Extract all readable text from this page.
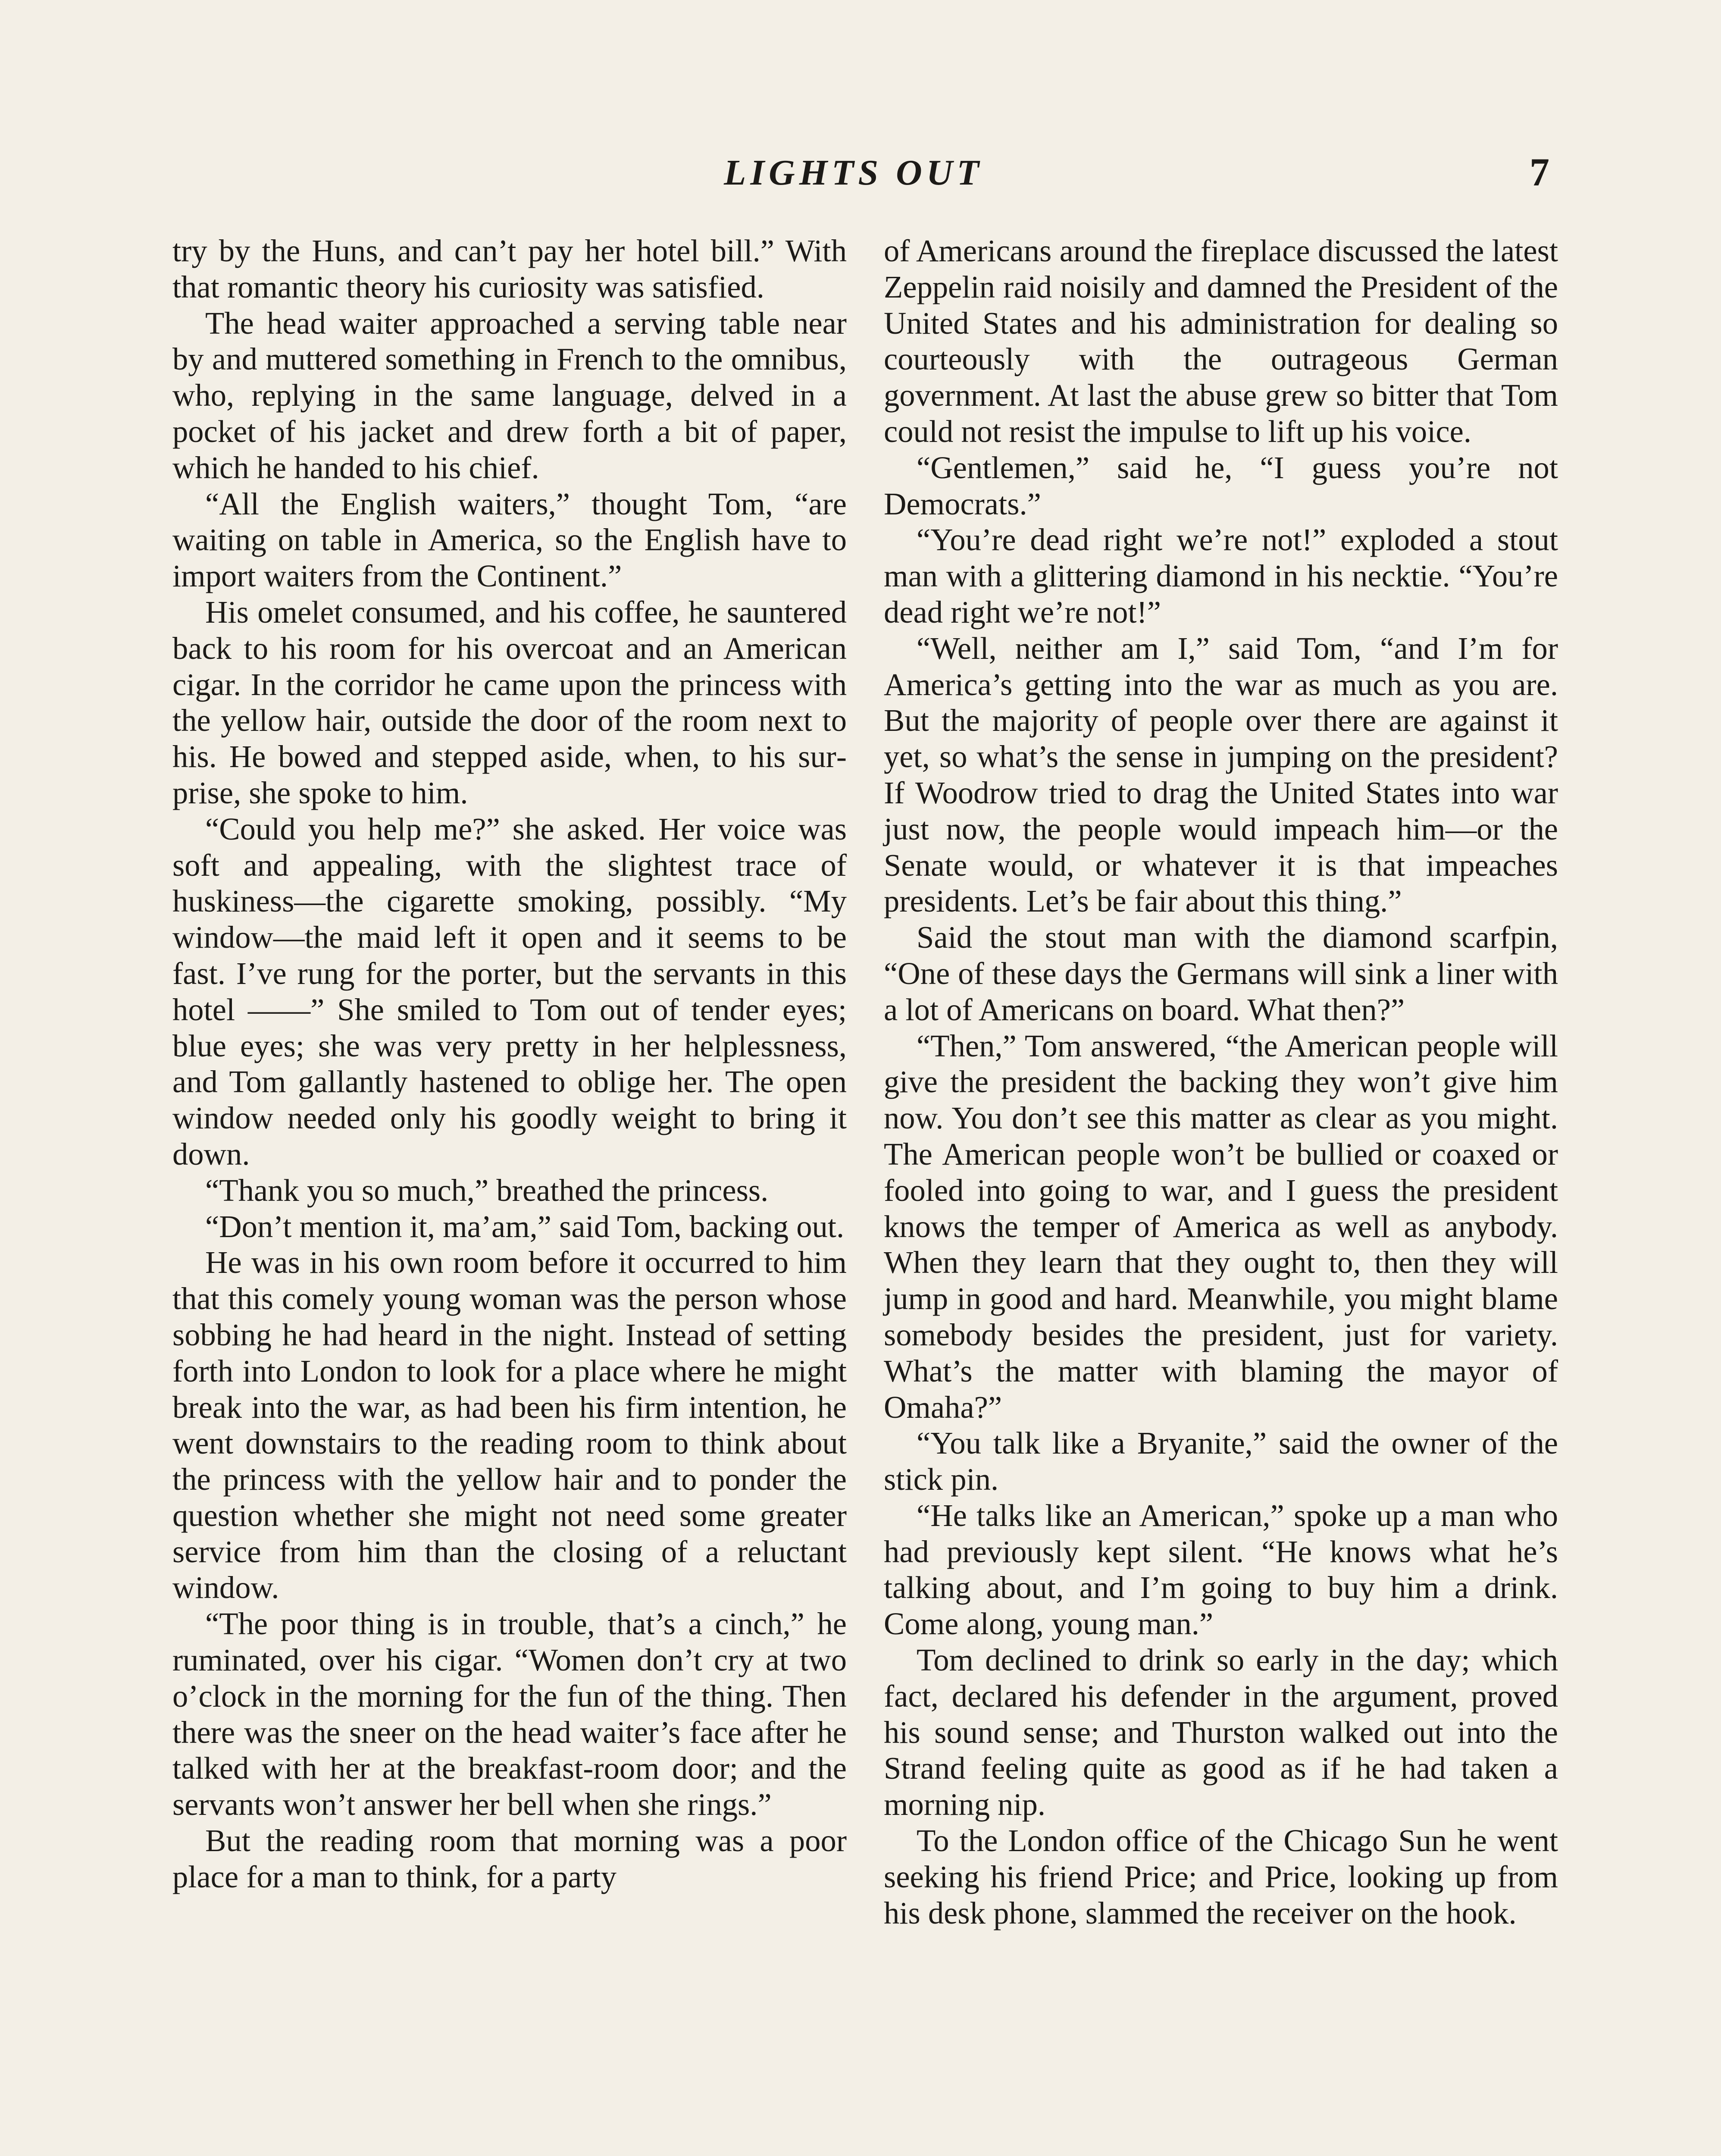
LIGHTS OUT	7

try by the Huns, and can’t pay her hotel bill.” With that romantic theory his curiosity was satisfied.

The head waiter approached a serving table near by and muttered something in French to the omnibus, who, replying in the same language, delved in a pocket of his jacket and drew forth a bit of paper, which he handed to his chief.

“All the English waiters,” thought Tom, “are waiting on table in America, so the English have to import waiters from the Continent.”

His omelet consumed, and his coffee, he sauntered back to his room for his overcoat and an American cigar. In the corridor he came upon the princess with the yellow hair, outside the door of the room next to his. He bowed and stepped aside, when, to his surprise, she spoke to him.

“Could you help me?” she asked. Her voice was soft and appealing, with the slightest trace of huskiness—the cigarette smoking, possibly. “My window—the maid left it open and it seems to be fast. I’ve rung for the porter, but the servants in this hotel ——” She smiled to Tom out of tender eyes; blue eyes; she was very pretty in her helplessness, and Tom gallantly hastened to oblige her. The open window needed only his goodly weight to bring it down.

“Thank you so much,” breathed the princess.

“Don’t mention it, ma’am,” said Tom, backing out.

He was in his own room before it occurred to him that this comely young woman was the person whose sobbing he had heard in the night. Instead of setting forth into London to look for a place where he might break into the war, as had been his firm intention, he went downstairs to the reading room to think about the princess with the yellow hair and to ponder the question whether she might not need some greater service from him than the closing of a reluctant window.

“The poor thing is in trouble, that’s a cinch,” he ruminated, over his cigar. “Women don’t cry at two o’clock in the morning for the fun of the thing. Then there was the sneer on the head waiter’s face after he talked with her at the breakfast-room door; and the servants won’t answer her bell when she rings.”

But the reading room that morning was a poor place for a man to think, for a party

of Americans around the fireplace discussed the latest Zeppelin raid noisily and damned the President of the United States and his administration for dealing so courteously with the outrageous German government. At last the abuse grew so bitter that Tom could not resist the impulse to lift up his voice.

“Gentlemen,” said he, “I guess you’re not Democrats.”

“You’re dead right we’re not!” exploded a stout man with a glittering diamond in his necktie. “You’re dead right we’re not!”

“Well, neither am I,” said Tom, “and I’m for America’s getting into the war as much as you are. But the majority of people over there are against it yet, so what’s the sense in jumping on the president? If Woodrow tried to drag the United States into war just now, the people would impeach him—or the Senate would, or whatever it is that impeaches presidents. Let’s be fair about this thing.”

Said the stout man with the diamond scarfpin, “One of these days the Germans will sink a liner with a lot of Americans on board. What then?”

“Then,” Tom answered, “the American people will give the president the backing they won’t give him now. You don’t see this matter as clear as you might. The American people won’t be bullied or coaxed or fooled into going to war, and I guess the president knows the temper of America as well as anybody. When they learn that they ought to, then they will jump in good and hard. Meanwhile, you might blame somebody besides the president, just for variety. What’s the matter with blaming the mayor of Omaha?”

“You talk like a Bryanite,” said the owner of the stick pin.

“He talks like an American,” spoke up a man who had previously kept silent. “He knows what he’s talking about, and I’m going to buy him a drink. Come along, young man.”

Tom declined to drink so early in the day; which fact, declared his defender in the argument, proved his sound sense; and Thurston walked out into the Strand feeling quite as good as if he had taken a morning nip.

To the London office of the Chicago Sun he went seeking his friend Price; and Price, looking up from his desk phone, slammed the receiver on the hook.
